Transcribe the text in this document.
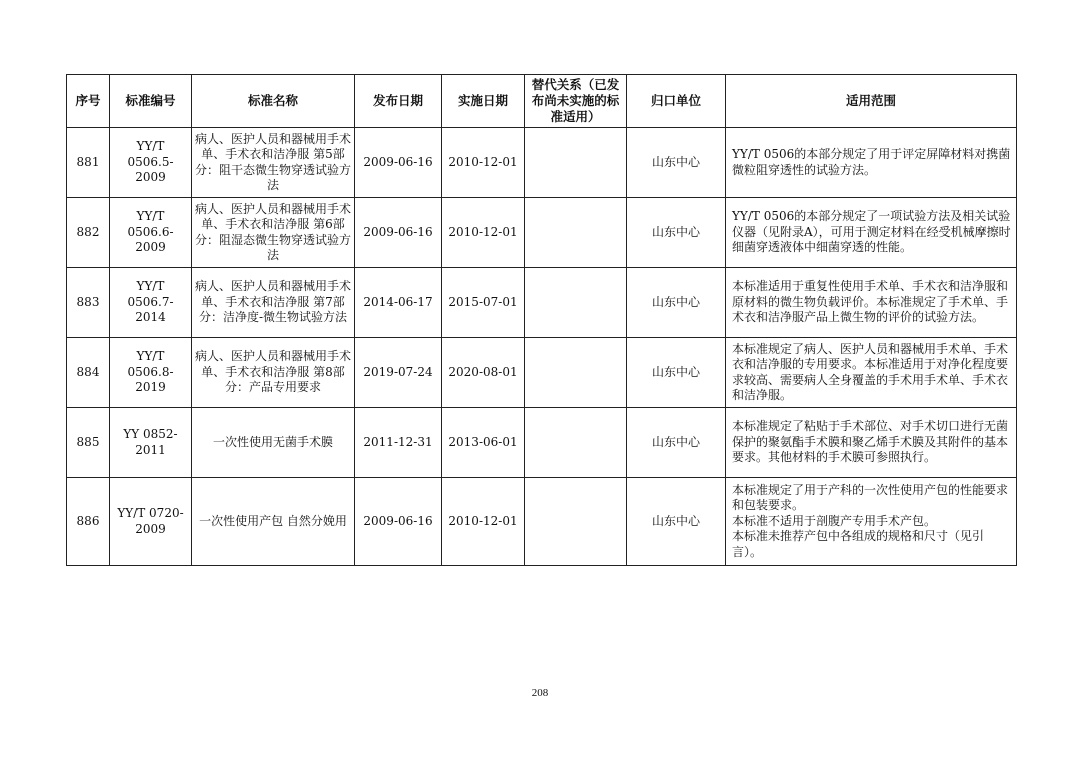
序号	标准编号	标准名称	发布日期	实施日期	替代关系（已发布尚未实施的标准适用）	归口单位	适用范围
881	YY/T 0506.5-2009	病人、医护人员和器械用手术单、手术衣和洁净服 第5部分：阻干态微生物穿透试验方法	2009-06-16	2010-12-01		山东中心	YY/T 0506的本部分规定了用于评定屏障材料对携菌微粒阻穿透性的试验方法。
882	YY/T 0506.6-2009	病人、医护人员和器械用手术单、手术衣和洁净服 第6部分：阻湿态微生物穿透试验方法	2009-06-16	2010-12-01		山东中心	YY/T 0506的本部分规定了一项试验方法及相关试验仪器（见附录A），可用于测定材料在经受机械摩擦时细菌穿透液体中细菌穿透的性能。
883	YY/T 0506.7-2014	病人、医护人员和器械用手术单、手术衣和洁净服 第7部分：洁净度-微生物试验方法	2014-06-17	2015-07-01		山东中心	本标准适用于重复性使用手术单、手术衣和洁净服和原材料的微生物负载评价。本标准规定了手术单、手术衣和洁净服产品上微生物的评价的试验方法。
884	YY/T 0506.8-2019	病人、医护人员和器械用手术单、手术衣和洁净服 第8部分：产品专用要求	2019-07-24	2020-08-01		山东中心	本标准规定了病人、医护人员和器械用手术单、手术衣和洁净服的专用要求。本标准适用于对净化程度要求较高、需要病人全身覆盖的手术用手术单、手术衣和洁净服。
885	YY 0852-2011	一次性使用无菌手术膜	2011-12-31	2013-06-01		山东中心	本标准规定了粘贴于手术部位、对手术切口进行无菌保护的聚氨酯手术膜和聚乙烯手术膜及其附件的基本要求。其他材料的手术膜可参照执行。
886	YY/T 0720-2009	一次性使用产包 自然分娩用	2009-06-16	2010-12-01		山东中心	本标准规定了用于产科的一次性使用产包的性能要求和包装要求。
本标准不适用于剖腹产专用手术产包。
本标准未推荐产包中各组成的规格和尺寸（见引言）。
208
